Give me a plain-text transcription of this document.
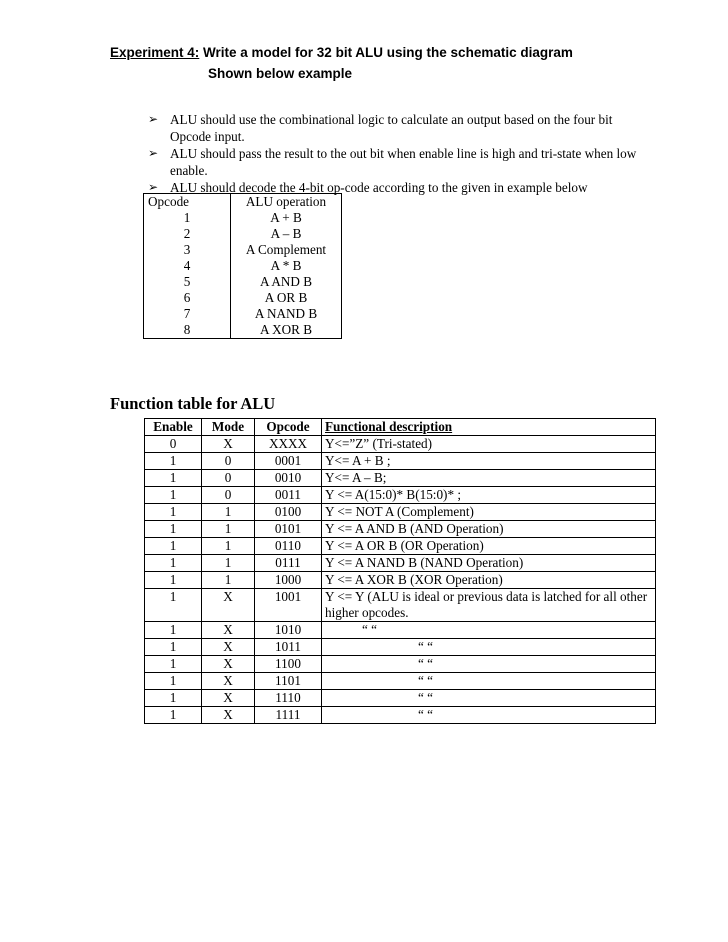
Experiment 4: Write a model for 32 bit ALU using the schematic diagram
Shown below example
➢ ALU should use the combinational logic to calculate an output based on the four bit Opcode input.
➢ ALU should pass the result to the out bit when enable line is high and tri-state when low enable.
➢ ALU should decode the 4-bit op-code according to the given in example below
Opcode	ALU operation
1	A + B
2	A – B
3	A Complement
4	A * B
5	A AND B
6	A OR B
7	A NAND B
8	A XOR B
Function table for ALU
Enable	Mode	Opcode	Functional description
0	X	XXXX	Y<=”Z” (Tri-stated)
1	0	0001	Y<= A + B ;
1	0	0010	Y<= A – B;
1	0	0011	Y <= A(15:0)* B(15:0)* ;
1	1	0100	Y <= NOT A (Complement)
1	1	0101	Y <= A AND B (AND Operation)
1	1	0110	Y <= A OR B (OR Operation)
1	1	0111	Y <= A NAND B (NAND Operation)
1	1	1000	Y <= A XOR B (XOR Operation)
1	X	1001	Y <= Y (ALU is ideal or previous data is latched for all other higher opcodes.
1	X	1010	“ “
1	X	1011	“ “
1	X	1100	“ “
1	X	1101	“ “
1	X	1110	“ “
1	X	1111	“ “
